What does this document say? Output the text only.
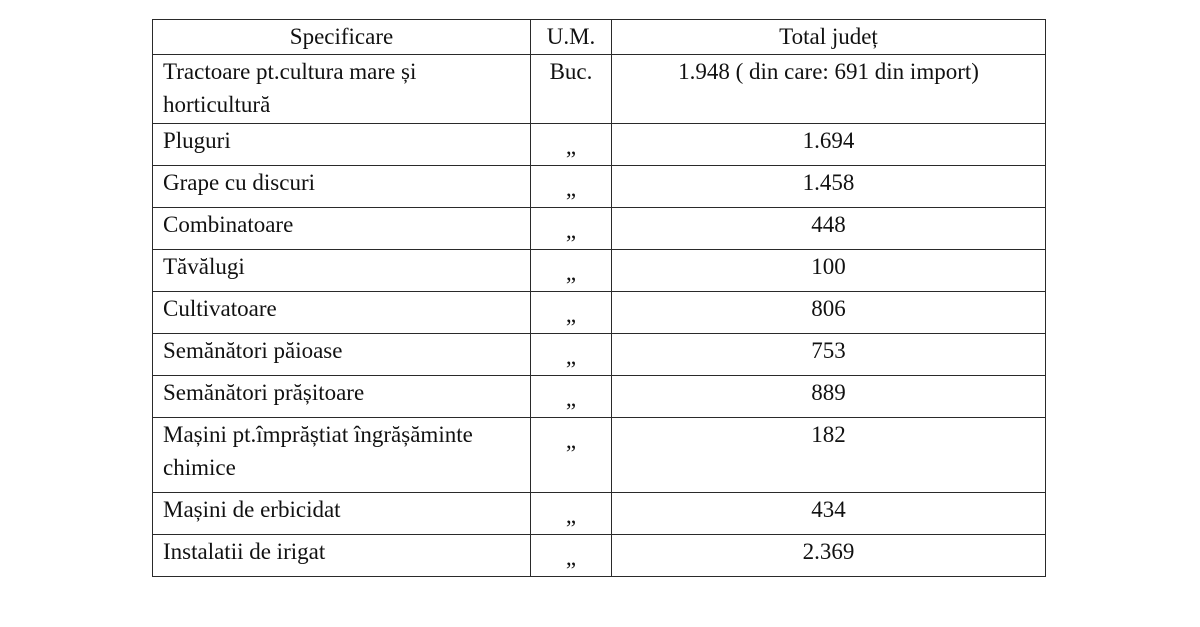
Specificare	U.M.	Total județ
Tractoare pt.cultura mare și horticultură	Buc.	1.948 ( din care: 691 din import)
Pluguri	„	1.694
Grape cu discuri	„	1.458
Combinatoare	„	448
Tăvălugi	„	100
Cultivatoare	„	806
Semănători păioase	„	753
Semănători prășitoare	„	889
Mașini pt.împrăștiat îngrășăminte chimice	„	182
Mașini de erbicidat	„	434
Instalatii de irigat	„	2.369
